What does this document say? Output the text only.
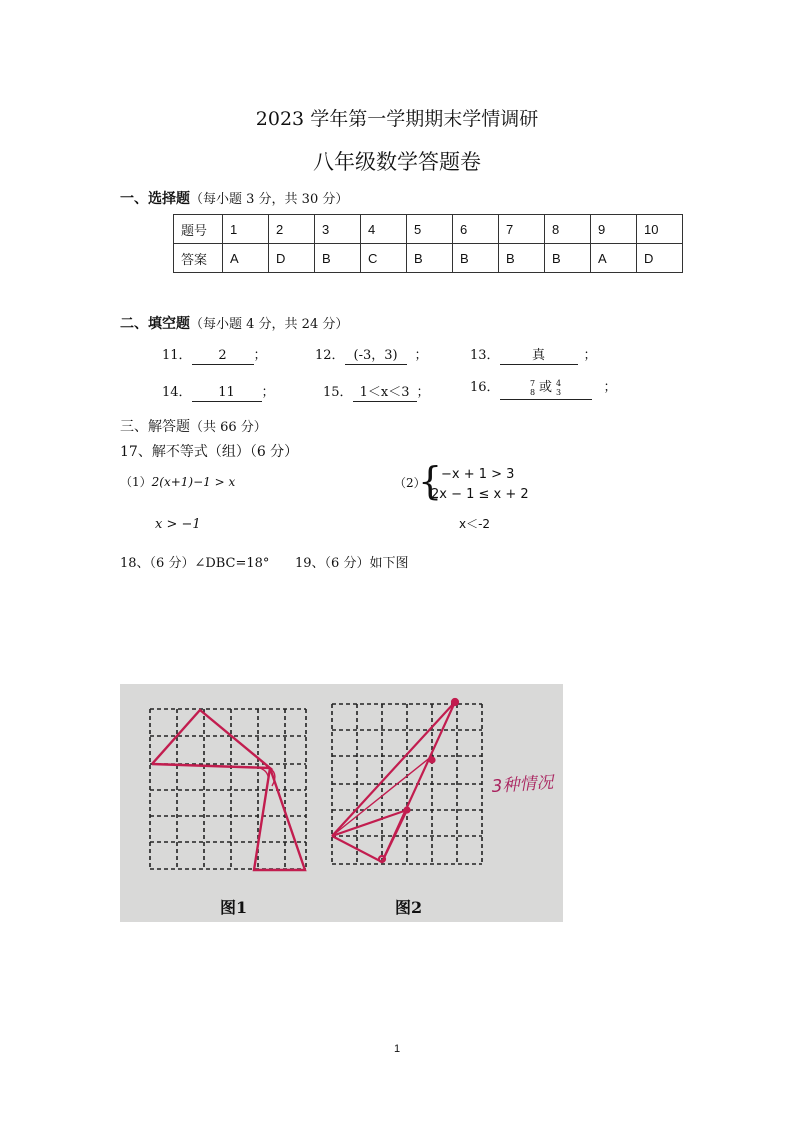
2023 学年第一学期期末学情调研
八年级数学答题卷
一、选择题（每小题 3 分，共 30 分）
题号	1	2	3	4	5	6	7	8	9	10
答案	A	D	B	C	B	B	B	B	A	D
二、填空题（每小题 4 分，共 24 分）
11． 2 ；	12． (-3，3) ；	13． 真	；
14． 11 ；	15． 1＜x＜3 ；	16．	7
8 或 4
3	；
三、解答题（共 66 分）
17、解不等式（组）（6 分）
（1）2(x+1)−1 > x
x > −1
（2）
{
−x + 1 > 3
2x − 1 ≤ x + 2
x＜-2
18、（6 分）∠DBC=18° 19、（6 分）如下图
3种情况
图1	图2
1
